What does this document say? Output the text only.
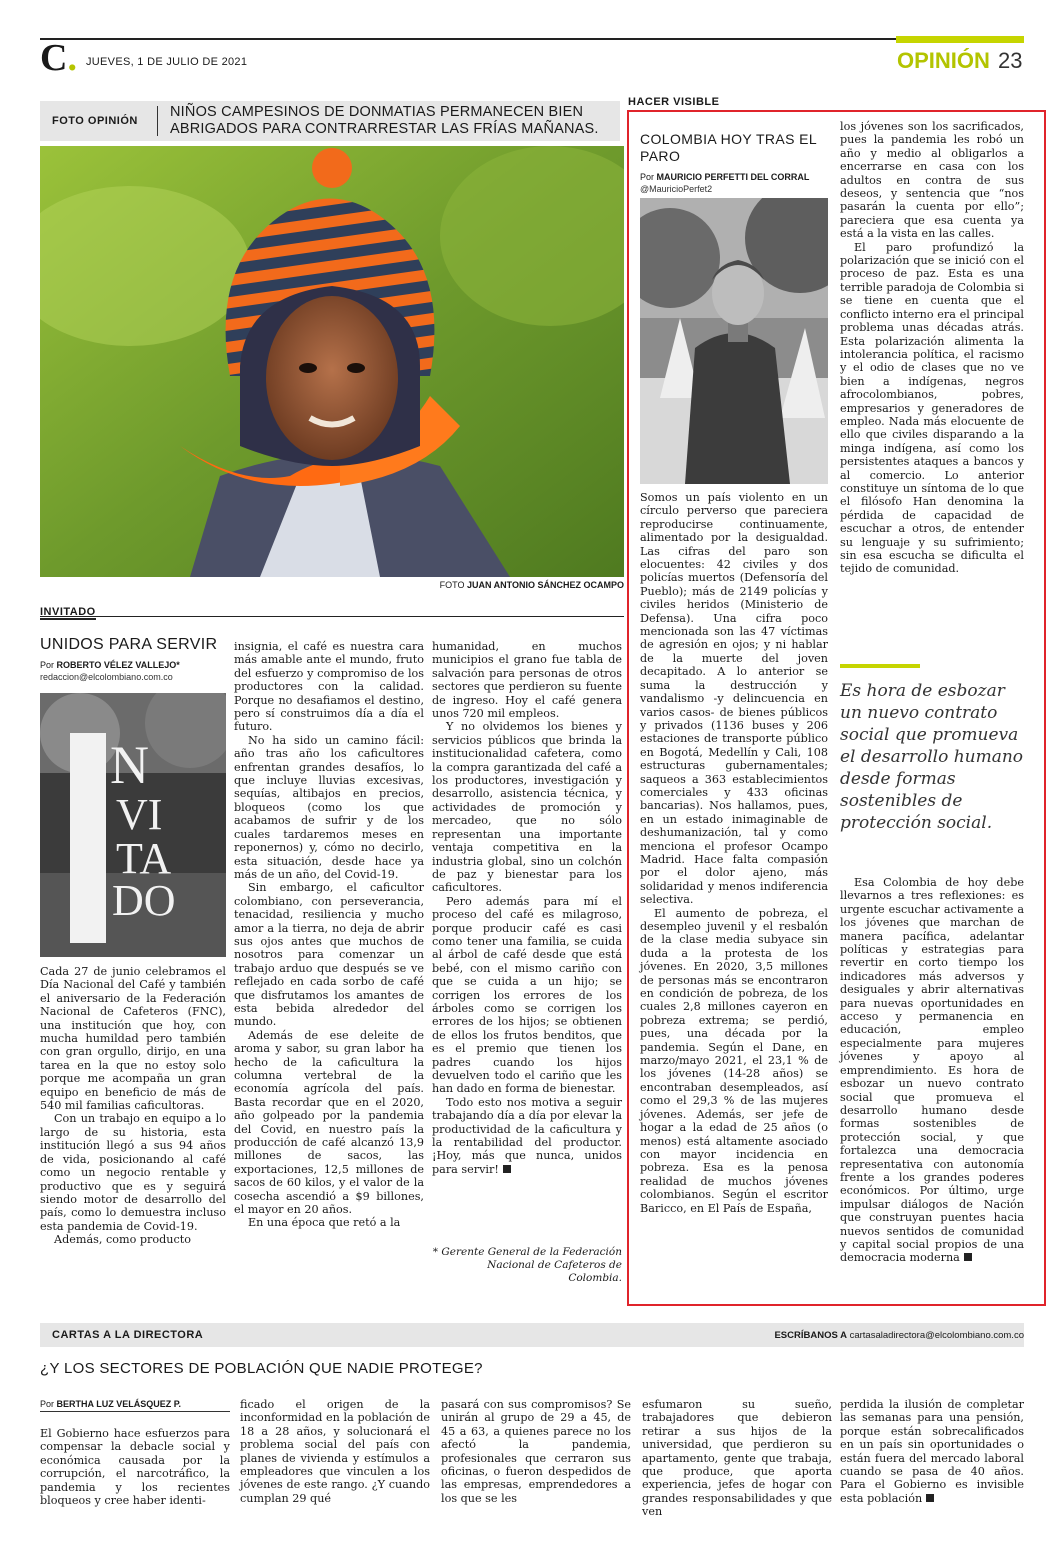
C. JUEVES, 1 DE JULIO DE 2021	OPINIÓN 23
FOTO OPINIÓN
NIÑOS CAMPESINOS DE DONMATIAS PERMANECEN BIEN ABRIGADOS PARA CONTRARRESTAR LAS FRÍAS MAÑANAS.
FOTO JUAN ANTONIO SÁNCHEZ OCAMPO
INVITADO
UNIDOS PARA SERVIR
Por ROBERTO VÉLEZ VALLEJO*
redaccion@elcolombiano.com.co
N
VI
TA
DO

Cada 27 de junio celebramos el Día Nacional del Café y también el aniversario de la Federación Nacional de Cafeteros (FNC), una institución que hoy, con mucha humildad pero también con gran orgullo, dirijo, en una tarea en la que no estoy solo porque me acompaña un gran equipo en beneficio de más de 540 mil familias caficultoras.

Con un trabajo en equipo a lo largo de su historia, esta institución llegó a sus 94 años de vida, posicionando al café como un negocio rentable y productivo que es y seguirá siendo motor de desarrollo del país, como lo demuestra incluso esta pandemia de Covid-19.

Además, como producto

insignia, el café es nuestra cara más amable ante el mundo, fruto del esfuerzo y compromiso de los productores con la calidad. Porque no desafiamos el destino, pero sí construimos día a día el futuro.

No ha sido un camino fácil: año tras año los caficultores enfrentan grandes desafíos, lo que incluye lluvias excesivas, sequías, altibajos en precios, bloqueos (como los que acabamos de sufrir y de los cuales tardaremos meses en reponernos) y, cómo no decirlo, esta situación, desde hace ya más de un año, del Covid-19.

Sin embargo, el caficultor colombiano, con perseverancia, tenacidad, resiliencia y mucho amor a la tierra, no deja de abrir sus ojos antes que muchos de nosotros para comenzar un trabajo arduo que después se ve reflejado en cada sorbo de café que disfrutamos los amantes de esta bebida alrededor del mundo.

Además de ese deleite de aroma y sabor, su gran labor ha hecho de la caficultura la columna vertebral de la economía agrícola del país. Basta recordar que en el 2020, año golpeado por la pandemia del Covid, en nuestro país la producción de café alcanzó 13,9 millones de sacos, las exportaciones, 12,5 millones de sacos de 60 kilos, y el valor de la cosecha ascendió a $9 billones, el mayor en 20 años.

En una época que retó a la

humanidad, en muchos municipios el grano fue tabla de salvación para personas de otros sectores que perdieron su fuente de ingreso. Hoy el café genera unos 720 mil empleos.

Y no olvidemos los bienes y servicios públicos que brinda la institucionalidad cafetera, como la compra garantizada del café a los productores, investigación y desarrollo, asistencia técnica, y actividades de promoción y mercadeo, que no sólo representan una importante ventaja competitiva en la industria global, sino un colchón de paz y bienestar para los caficultores.

Pero además para mí el proceso del café es milagroso, porque producir café es casi como tener una familia, se cuida al árbol de café desde que está bebé, con el mismo cariño con que se cuida a un hijo; se corrigen los errores de los árboles como se corrigen los errores de los hijos; se obtienen de ellos los frutos benditos, que es el premio que tienen los padres cuando los hijos devuelven todo el cariño que les han dado en forma de bienestar.

Todo esto nos motiva a seguir trabajando día a día por elevar la productividad de la caficultura y la rentabilidad del productor. ¡Hoy, más que nunca, unidos para servir!

* Gerente General de la Federación Nacional de Cafeteros de Colombia.
HACER VISIBLE
COLOMBIA HOY TRAS EL PARO
Por MAURICIO PERFETTI DEL CORRAL
@MauricioPerfet2

Somos un país violento en un círculo perverso que pareciera reproducirse continuamente, alimentado por la desigualdad. Las cifras del paro son elocuentes: 42 civiles y dos policías muertos (Defensoría del Pueblo); más de 2149 policías y civiles heridos (Ministerio de Defensa). Una cifra poco mencionada son las 47 víctimas de agresión en ojos; y ni hablar de la muerte del joven decapitado. A lo anterior se suma la destrucción y vandalismo -y delincuencia en varios casos- de bienes públicos y privados (1136 buses y 206 estaciones de transporte público en Bogotá, Medellín y Cali, 108 estructuras gubernamentales; saqueos a 363 establecimientos comerciales y 433 oficinas bancarias). Nos hallamos, pues, en un estado inimaginable de deshumanización, tal y como menciona el profesor Ocampo Madrid. Hace falta compasión por el dolor ajeno, más solidaridad y menos indiferencia selectiva.

El aumento de pobreza, el desempleo juvenil y el resbalón de la clase media subyace sin duda a la protesta de los jóvenes. En 2020, 3,5 millones de personas más se encontraron en condición de pobreza, de los cuales 2,8 millones cayeron en pobreza extrema; se perdió, pues, una década por la pandemia. Según el Dane, en marzo/mayo 2021, el 23,1 % de los jóvenes (14-28 años) se encontraban desempleados, así como el 29,3 % de las mujeres jóvenes. Además, ser jefe de hogar a la edad de 25 años (o menos) está altamente asociado con mayor incidencia en pobreza. Esa es la penosa realidad de muchos jóvenes colombianos. Según el escritor Baricco, en El País de España,

los jóvenes son los sacrificados, pues la pandemia les robó un año y medio al obligarlos a encerrarse en casa con los adultos en contra de sus deseos, y sentencia que “nos pasarán la cuenta por ello”; pareciera que esa cuenta ya está a la vista en las calles.

El paro profundizó la polarización que se inició con el proceso de paz. Esta es una terrible paradoja de Colombia si se tiene en cuenta que el conflicto interno era el principal problema unas décadas atrás. Esta polarización alimenta la intolerancia política, el racismo y el odio de clases que no ve bien a indígenas, negros afrocolombianos, pobres, empresarios y generadores de empleo. Nada más elocuente de ello que civiles disparando a la minga indígena, así como los persistentes ataques a bancos y al comercio. Lo anterior constituye un síntoma de lo que el filósofo Han denomina la pérdida de capacidad de escuchar a otros, de entender su lenguaje y su sufrimiento; sin esa escucha se dificulta el tejido de comunidad.

Es hora de esbozar un nuevo contrato social que promueva el desarrollo humano desde formas sostenibles de protección social.

Esa Colombia de hoy debe llevarnos a tres reflexiones: es urgente escuchar activamente a los jóvenes que marchan de manera pacífica, adelantar políticas y estrategias para revertir en corto tiempo los indicadores más adversos y desiguales y abrir alternativas para nuevas oportunidades en acceso y permanencia en educación, empleo especialmente para mujeres jóvenes y apoyo al emprendimiento. Es hora de esbozar un nuevo contrato social que promueva el desarrollo humano desde formas sostenibles de protección social, y que fortalezca una democracia representativa con autonomía frente a los grandes poderes económicos. Por último, urge impulsar diálogos de Nación que construyan puentes hacia nuevos sentidos de comunidad y capital social propios de una democracia moderna

CARTAS A LA DIRECTORA	ESCRÍBANOS A cartasaladirectora@elcolombiano.com.co
¿Y LOS SECTORES DE POBLACIÓN QUE NADIE PROTEGE?
Por BERTHA LUZ VELÁSQUEZ P.

El Gobierno hace esfuerzos para compensar la debacle social y económica causada por la corrupción, el narcotráfico, la pandemia y los recientes bloqueos y cree haber identi-

ficado el origen de la inconformidad en la población de 18 a 28 años, y solucionará el problema social del país con planes de vivienda y estímulos a empleadores que vinculen a los jóvenes de este rango. ¿Y cuando cumplan 29 qué

pasará con sus compromisos? Se unirán al grupo de 29 a 45, de 45 a 63, a quienes parece no los afectó la pandemia, profesionales que cerraron sus oficinas, o fueron despedidos de las empresas, emprendedores a los que se les

esfumaron su sueño, trabajadores que debieron retirar a sus hijos de la universidad, que perdieron su apartamento, gente que trabaja, que produce, que aporta experiencia, jefes de hogar con grandes responsabilidades y que ven

perdida la ilusión de completar las semanas para una pensión, porque están sobrecalificados en un país sin oportunidades o están fuera del mercado laboral cuando se pasa de 40 años. Para el Gobierno es invisible esta población
